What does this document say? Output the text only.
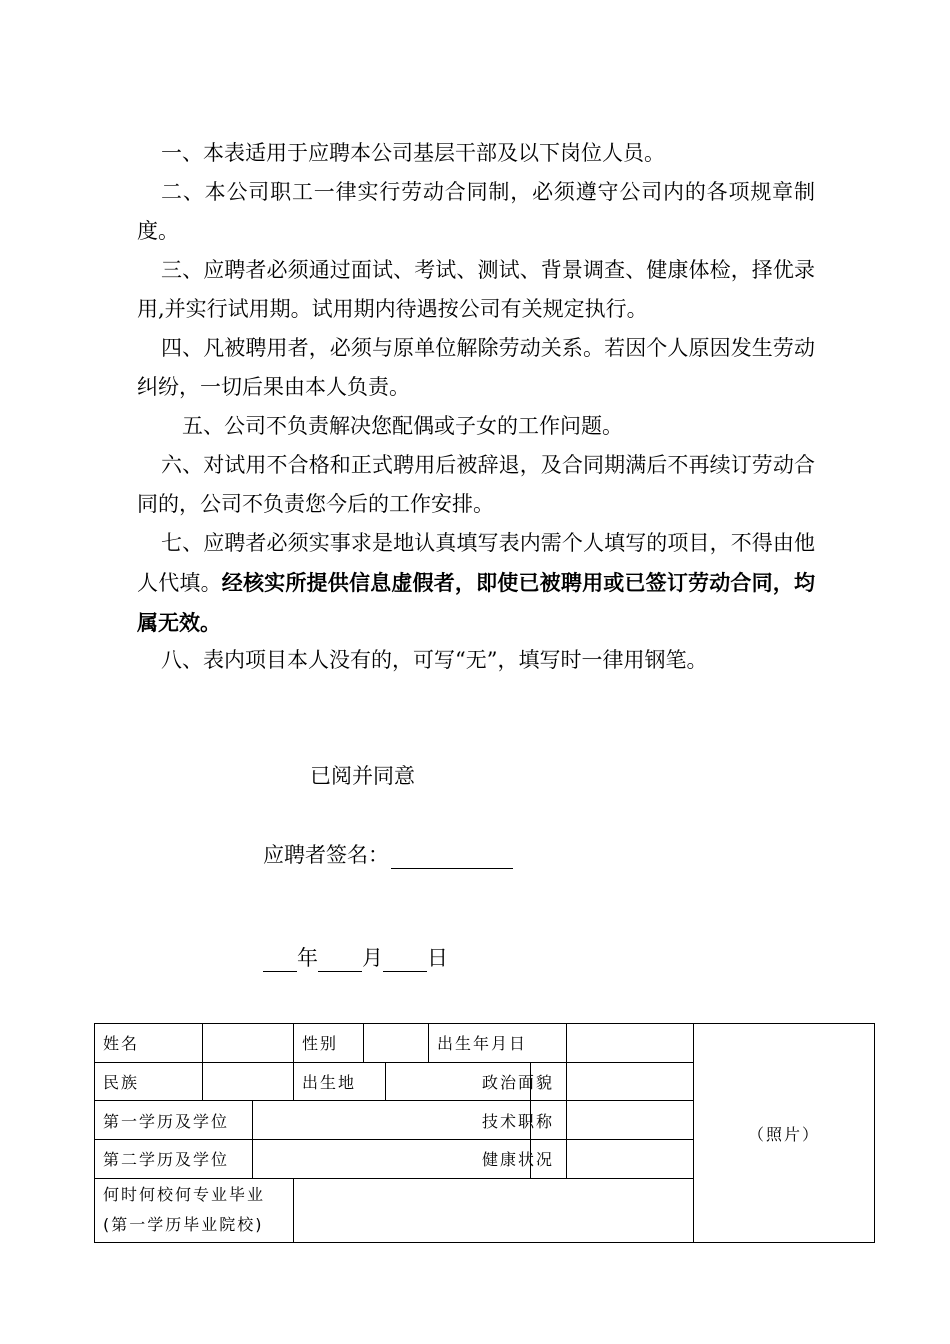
一、本表适用于应聘本公司基层干部及以下岗位人员。

二、本公司职工一律实行劳动合同制，必须遵守公司内的各项规章制度。

三、应聘者必须通过面试、考试、测试、背景调查、健康体检，择优录用,并实行试用期。试用期内待遇按公司有关规定执行。

四、凡被聘用者，必须与原单位解除劳动关系。若因个人原因发生劳动纠纷，一切后果由本人负责。

五、公司不负责解决您配偶或子女的工作问题。

六、对试用不合格和正式聘用后被辞退，及合同期满后不再续订劳动合同的，公司不负责您今后的工作安排。

七、应聘者必须实事求是地认真填写表内需个人填写的项目，不得由他人代填。经核实所提供信息虚假者，即使已被聘用或已签订劳动合同，均属无效。

八、表内项目本人没有的，可写“无”，填写时一律用钢笔。

已阅并同意
应聘者签名：
年 月 日
姓名			性别			出生年月日			（照片）
民族			出生地				政治面貌		
第一学历及学位							技术职称		
第二学历及学位							健康状况		
何时何校何专业毕业(第一学历毕业院校)									
